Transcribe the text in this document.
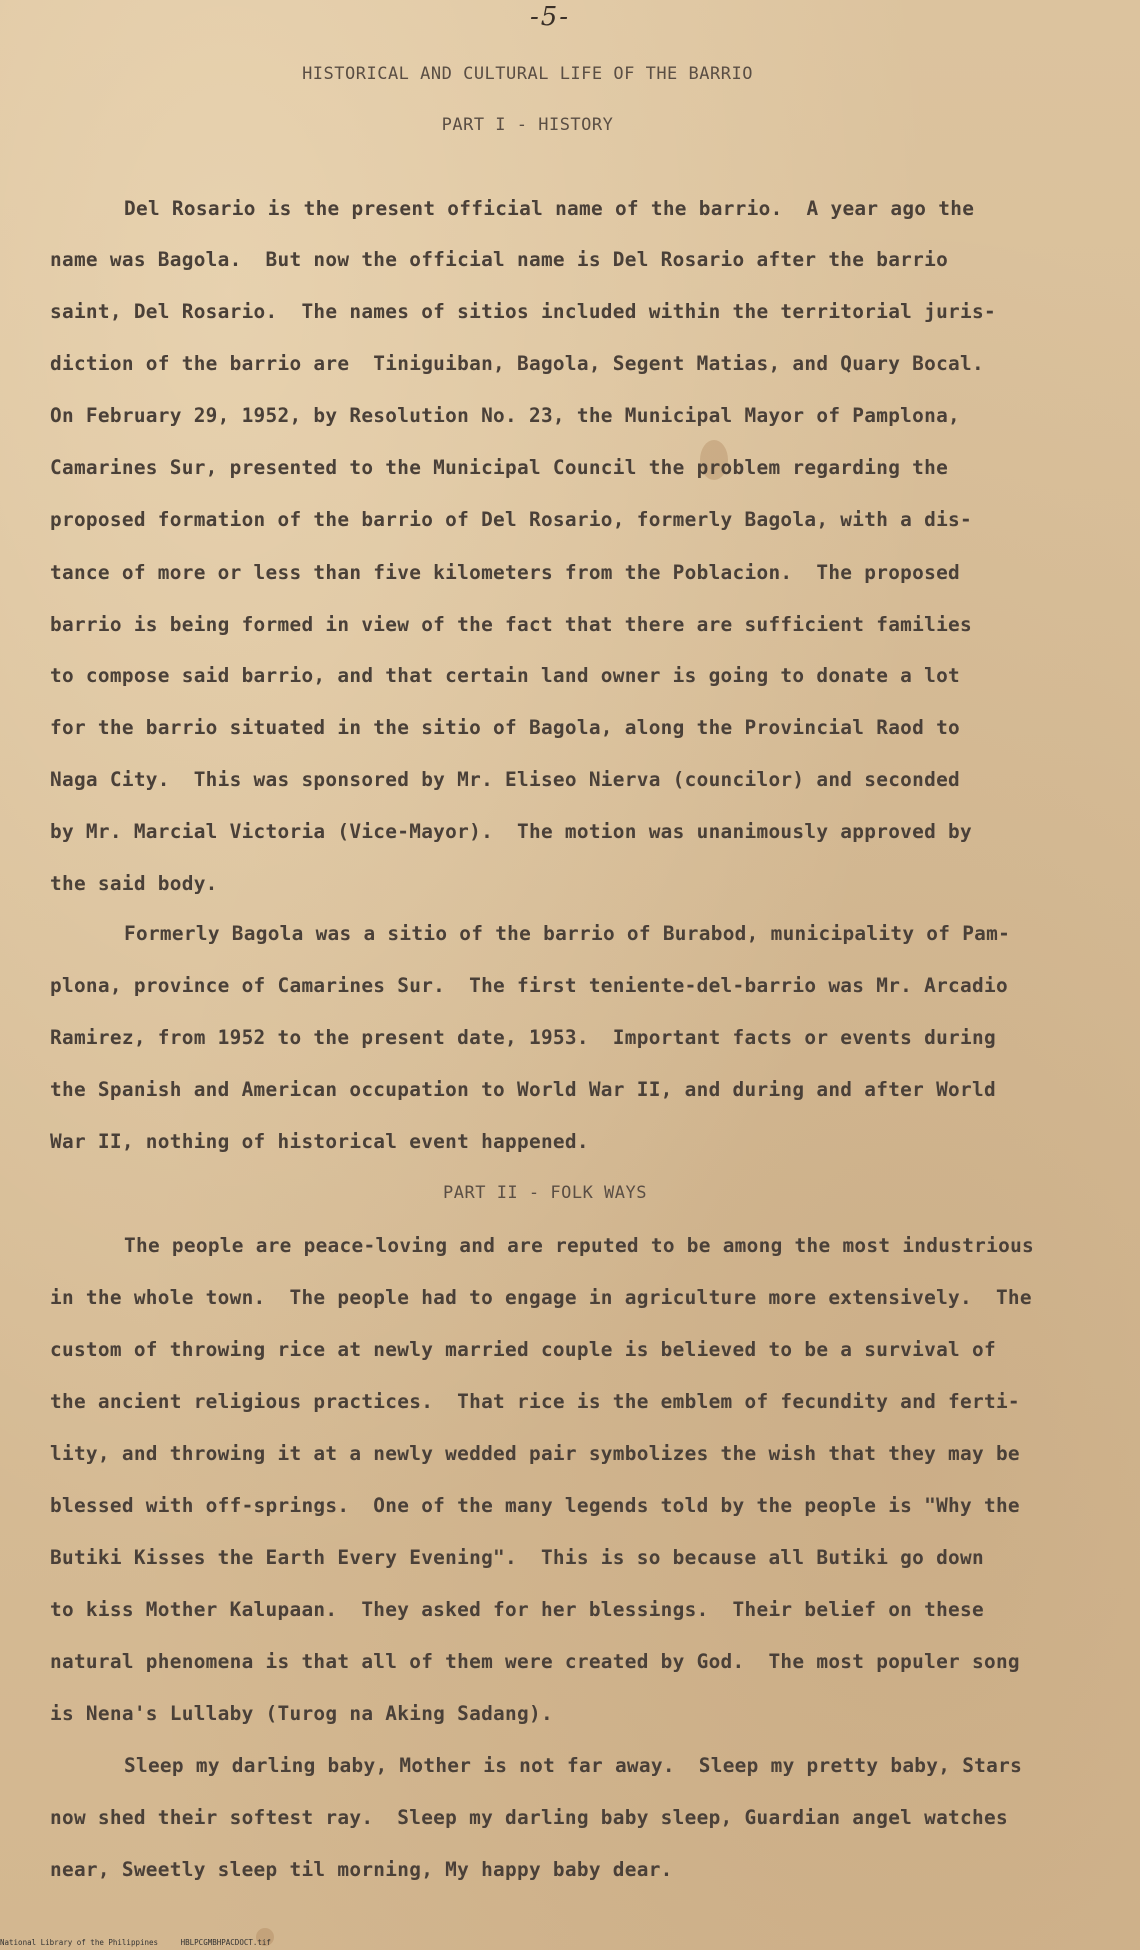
-5-
HISTORICAL AND CULTURAL LIFE OF THE BARRIO
PART I - HISTORY
Del Rosario is the present official name of the barrio.  A year ago the
name was Bagola.  But now the official name is Del Rosario after the barrio
saint, Del Rosario.  The names of sitios included within the territorial juris-
diction of the barrio are  Tiniguiban, Bagola, Segent Matias, and Quary Bocal.
On February 29, 1952, by Resolution No. 23, the Municipal Mayor of Pamplona,
Camarines Sur, presented to the Municipal Council the problem regarding the
proposed formation of the barrio of Del Rosario, formerly Bagola, with a dis-
tance of more or less than five kilometers from the Poblacion.  The proposed
barrio is being formed in view of the fact that there are sufficient families
to compose said barrio, and that certain land owner is going to donate a lot
for the barrio situated in the sitio of Bagola, along the Provincial Raod to
Naga City.  This was sponsored by Mr. Eliseo Nierva (councilor) and seconded
by Mr. Marcial Victoria (Vice-Mayor).  The motion was unanimously approved by
the said body.
Formerly Bagola was a sitio of the barrio of Burabod, municipality of Pam-
plona, province of Camarines Sur.  The first teniente-del-barrio was Mr. Arcadio
Ramirez, from 1952 to the present date, 1953.  Important facts or events during
the Spanish and American occupation to World War II, and during and after World
War II, nothing of historical event happened.
The people are peace-loving and are reputed to be among the most industrious
in the whole town.  The people had to engage in agriculture more extensively.  The
custom of throwing rice at newly married couple is believed to be a survival of
the ancient religious practices.  That rice is the emblem of fecundity and ferti-
lity, and throwing it at a newly wedded pair symbolizes the wish that they may be
blessed with off-springs.  One of the many legends told by the people is "Why the
Butiki Kisses the Earth Every Evening".  This is so because all Butiki go down
to kiss Mother Kalupaan.  They asked for her blessings.  Their belief on these
natural phenomena is that all of them were created by God.  The most populer song
is Nena's Lullaby (Turog na Aking Sadang).
Sleep my darling baby, Mother is not far away.  Sleep my pretty baby, Stars
now shed their softest ray.  Sleep my darling baby sleep, Guardian angel watches
near, Sweetly sleep til morning, My happy baby dear.
PART II - FOLK WAYS
National Library of the Philippines     HBLPCGMBHPACDOCT.tif
